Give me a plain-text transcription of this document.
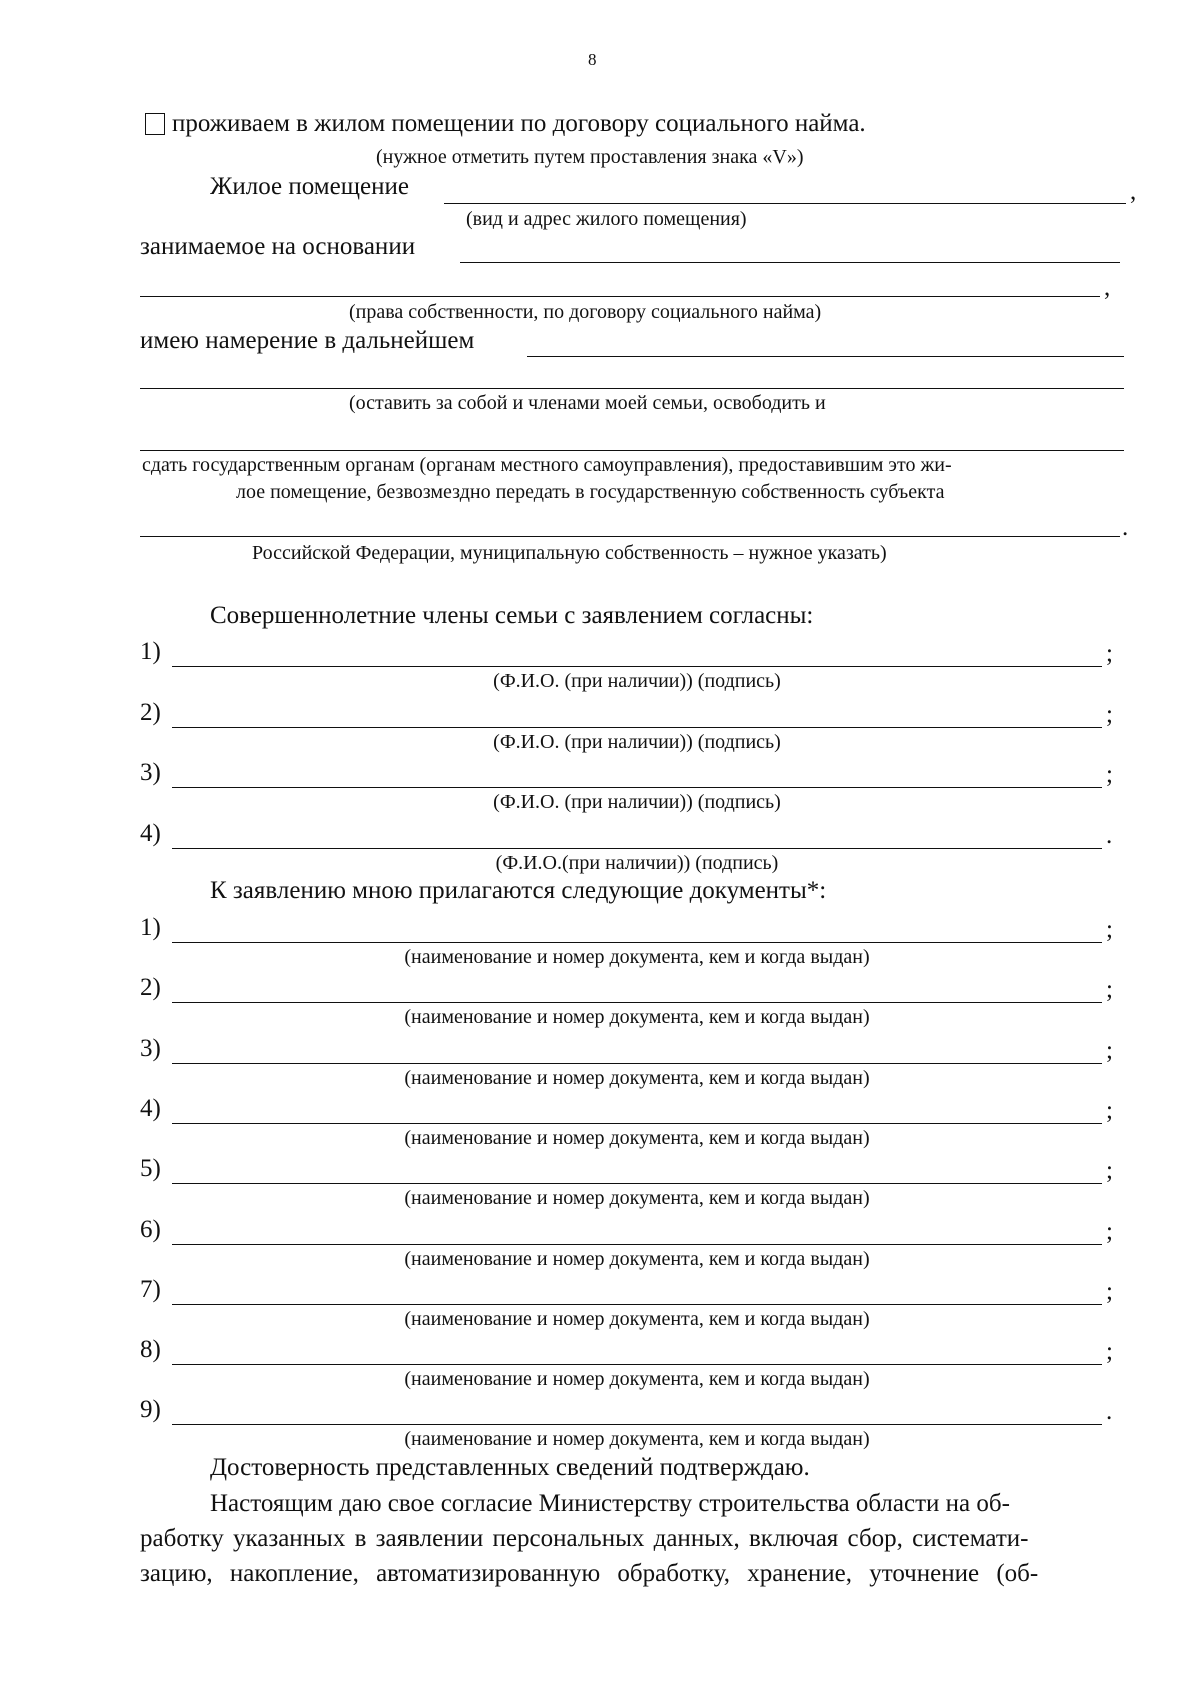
8
проживаем в жилом помещении по договору социального найма.
(нужное отметить путем проставления знака «V»)
Жилое помещение	,
(вид и адрес жилого помещения)
занимаемое на основании
,
(права собственности, по договору социального найма)
имею намерение в дальнейшем
(оставить за собой и членами моей семьи, освободить и
сдать государственным органам (органам местного самоуправления), предоставившим это жи-
лое помещение, безвозмездно передать в государственную собственность субъекта
.
Российской Федерации, муниципальную собственность – нужное указать)
Совершеннолетние члены семьи с заявлением согласны:
1)	;
(Ф.И.О. (при наличии)) (подпись)
2)	;
(Ф.И.О. (при наличии)) (подпись)
3)	;
(Ф.И.О. (при наличии)) (подпись)
4)	.
(Ф.И.О.(при наличии)) (подпись)
К заявлению мною прилагаются следующие документы*:
1)	;
(наименование и номер документа, кем и когда выдан)
2)	;
(наименование и номер документа, кем и когда выдан)
3)	;
(наименование и номер документа, кем и когда выдан)
4)	;
(наименование и номер документа, кем и когда выдан)
5)	;
(наименование и номер документа, кем и когда выдан)
6)	;
(наименование и номер документа, кем и когда выдан)
7)	;
(наименование и номер документа, кем и когда выдан)
8)	;
(наименование и номер документа, кем и когда выдан)
9)	.
(наименование и номер документа, кем и когда выдан)
Достоверность представленных сведений подтверждаю.
Настоящим даю свое согласие Министерству строительства области на об-
работку указанных в заявлении персональных данных, включая сбор, системати-
зацию, накопление, автоматизированную обработку, хранение, уточнение (об-
